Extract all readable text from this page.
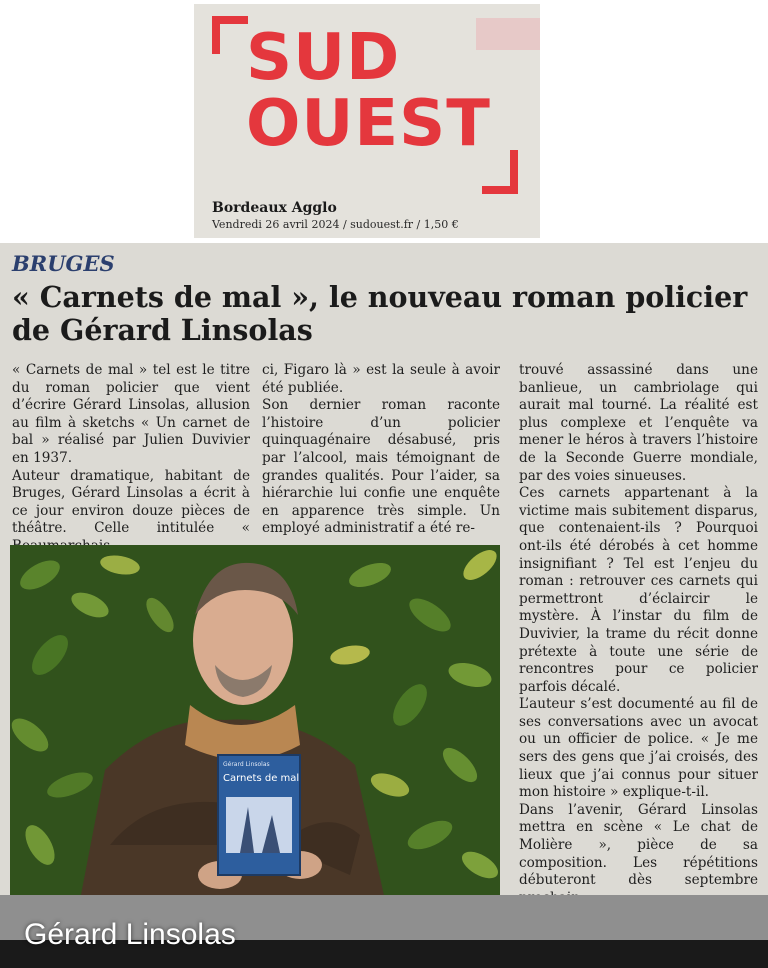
SUD
OUEST
Bordeaux Agglo
Vendredi 26 avril 2024 / sudouest.fr / 1,50 €
BRUGES
« Carnets de mal », le nouveau roman policier de Gérard Linsolas

« Carnets de mal » tel est le titre du roman policier que vient d’écrire Gérard Linsolas, allusion au film à sketchs « Un carnet de bal » réalisé par Julien Duvivier en 1937.

Auteur dramatique, habitant de Bruges, Gérard Linsolas a écrit à ce jour environ douze pièces de théâtre. Celle intitulée «

ci, Figaro là » est la seule à avoir été publiée.

Son dernier roman raconte l’histoire d’un policier quinquagénaire désabusé, pris par l’alcool, mais témoignant de grandes qualités. Pour l’aider, sa hiérarchie lui confie une enquête en apparence très simple. Un employé administratif a été re-

trouvé assassiné dans une banlieue, un cambriolage qui aurait mal tourné. La réalité est plus complexe et l’enquête va mener le héros à travers l’histoire de la Seconde Guerre mondiale, par des voies sinueuses.

Ces carnets appartenant à la victime mais subitement disparus, que contenaient-ils ? Pourquoi ont-ils été dérobés à cet homme insignifiant ? Tel est l’enjeu du roman : retrouver ces carnets qui permettront d’éclaircir le mystère. À l’instar du film de Duvivier, la trame du récit donne prétexte à toute une série de rencontres pour ce policier parfois décalé.

L’auteur s’est documenté au fil de ses conversations avec un avocat ou un officier de police. « Je me sers des gens que j’ai croisés, des lieux que j’ai connus pour situer mon histoire » explique-t-il.

Dans l’avenir, Gérard Linsolas mettra en scène « Le chat de Molière », pièce de sa composition. Les répétitions débuteront dès septembre

Carnets de mal
Gérard Linsolas
Gérard Linsolas
